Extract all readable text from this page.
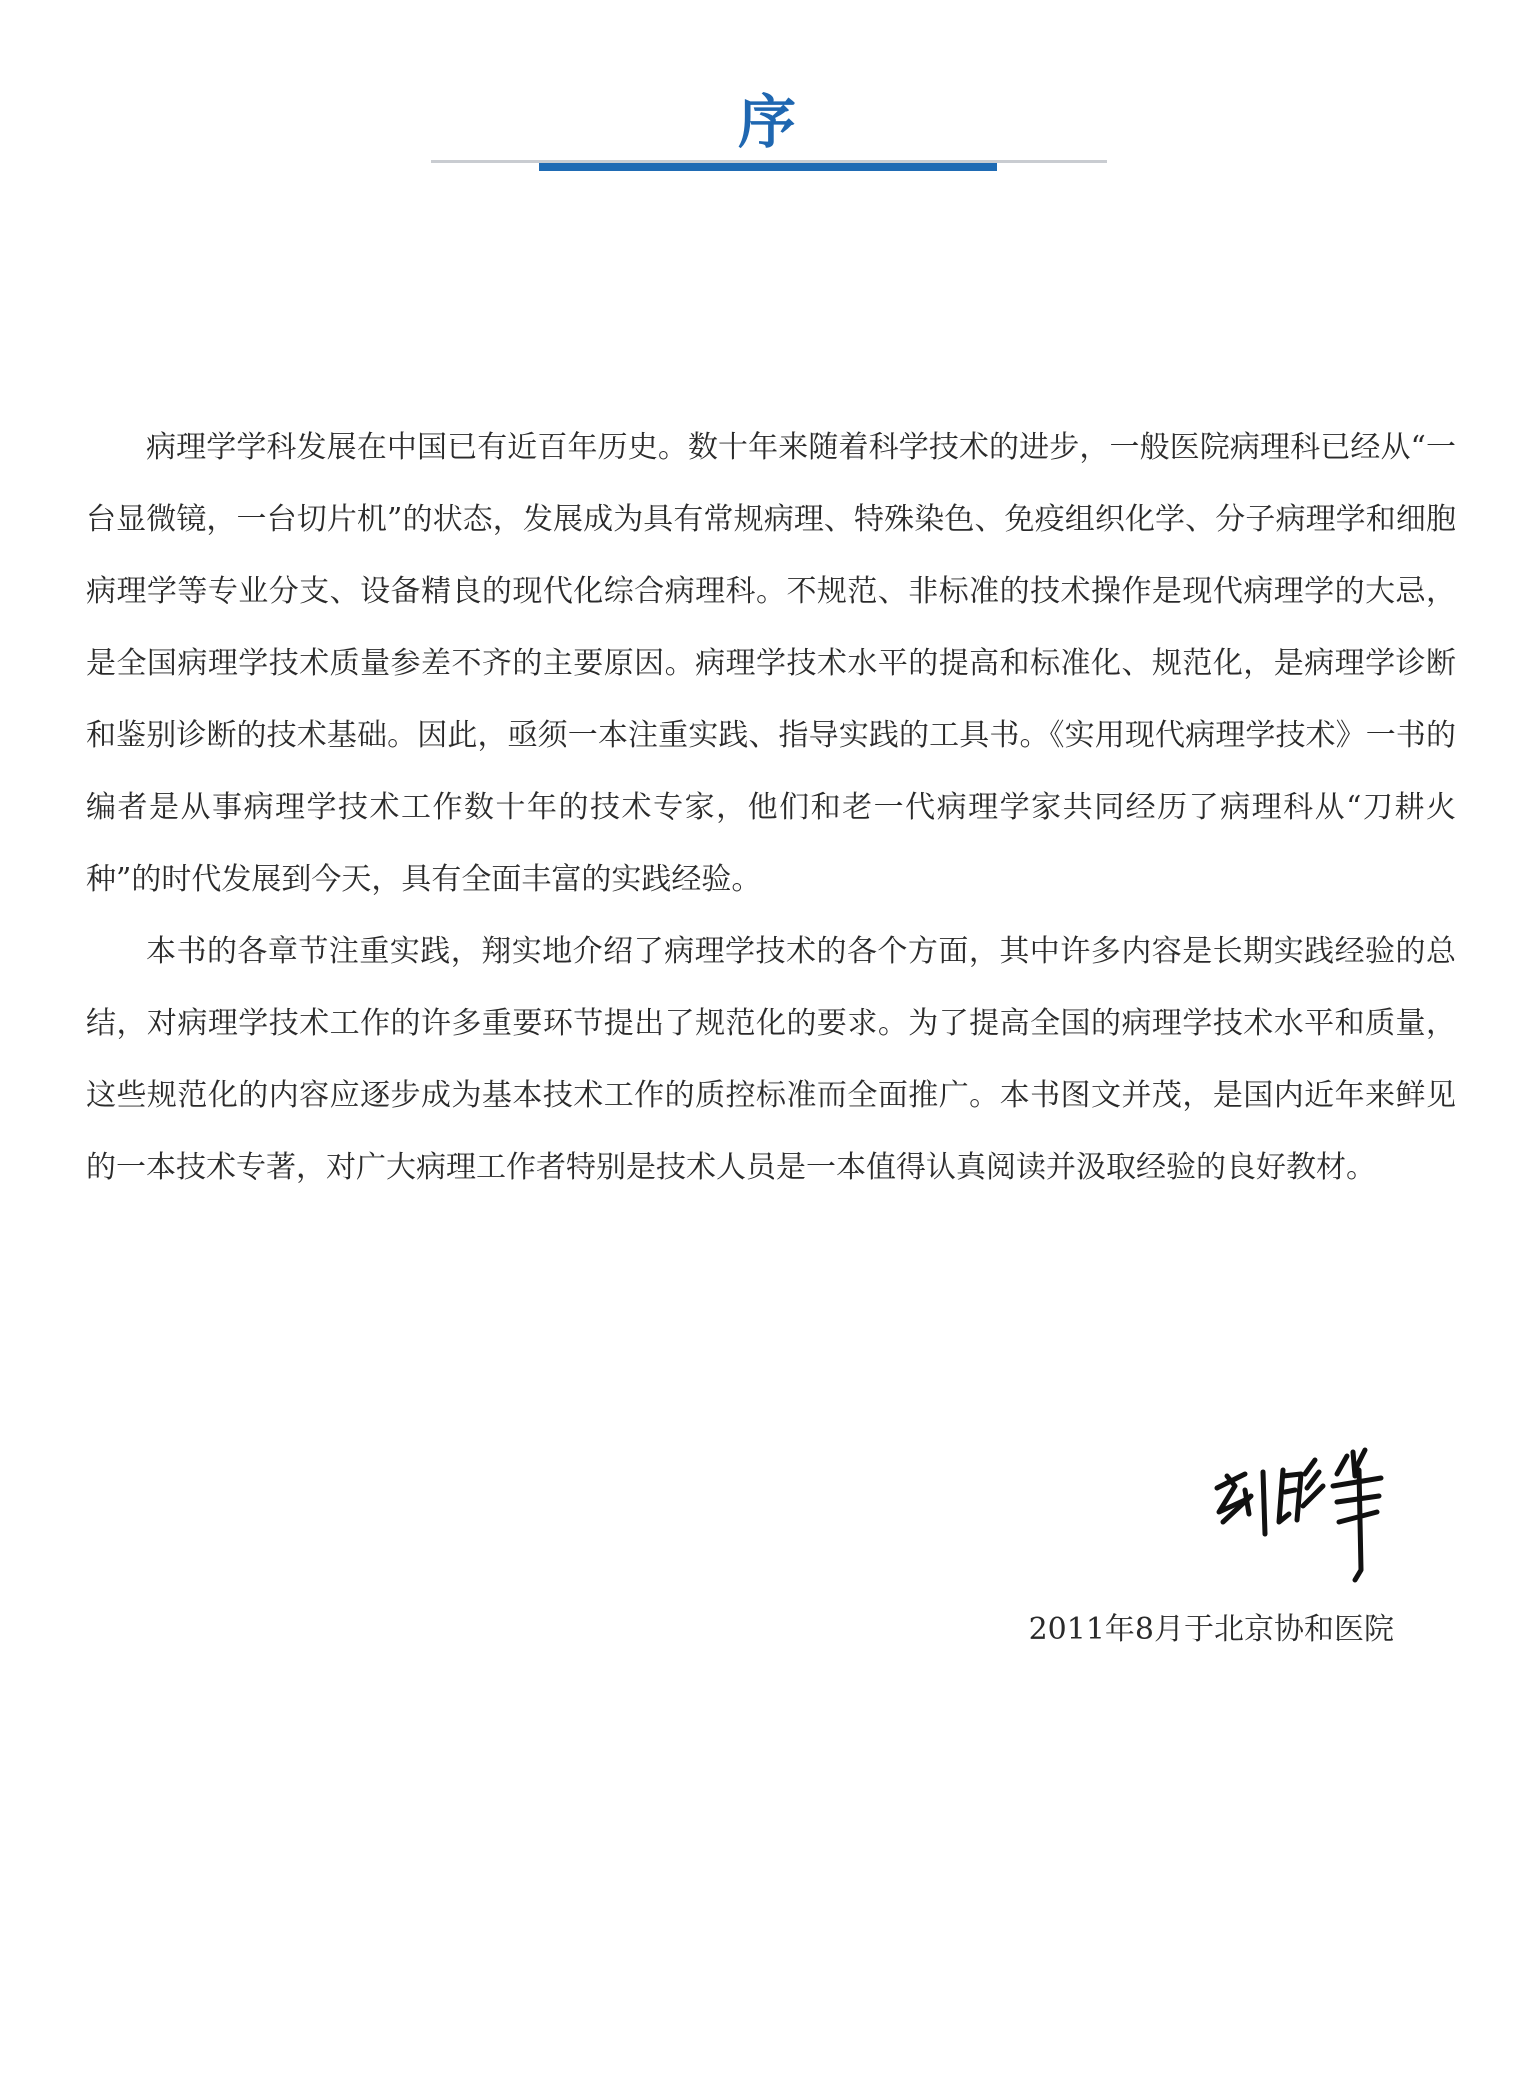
序

病理学学科发展在中国已有近百年历史。数十年来随着科学技术的进步，一般医院病理科已经从“一台显微镜，一台切片机”的状态，发展成为具有常规病理、特殊染色、免疫组织化学、分子病理学和细胞病理学等专业分支、设备精良的现代化综合病理科。不规范、非标准的技术操作是现代病理学的大忌，是全国病理学技术质量参差不齐的主要原因。病理学技术水平的提高和标准化、规范化，是病理学诊断和鉴别诊断的技术基础。因此，亟须一本注重实践、指导实践的工具书。《实用现代病理学技术》一书的编者是从事病理学技术工作数十年的技术专家，他们和老一代病理学家共同经历了病理科从“刀耕火种”的时代发展到今天，具有全面丰富的实践经验。

本书的各章节注重实践，翔实地介绍了病理学技术的各个方面，其中许多内容是长期实践经验的总结，对病理学技术工作的许多重要环节提出了规范化的要求。为了提高全国的病理学技术水平和质量，这些规范化的内容应逐步成为基本技术工作的质控标准而全面推广。本书图文并茂，是国内近年来鲜见的一本技术专著，对广大病理工作者特别是技术人员是一本值得认真阅读并汲取经验的良好教材。

2011年8月于北京协和医院
